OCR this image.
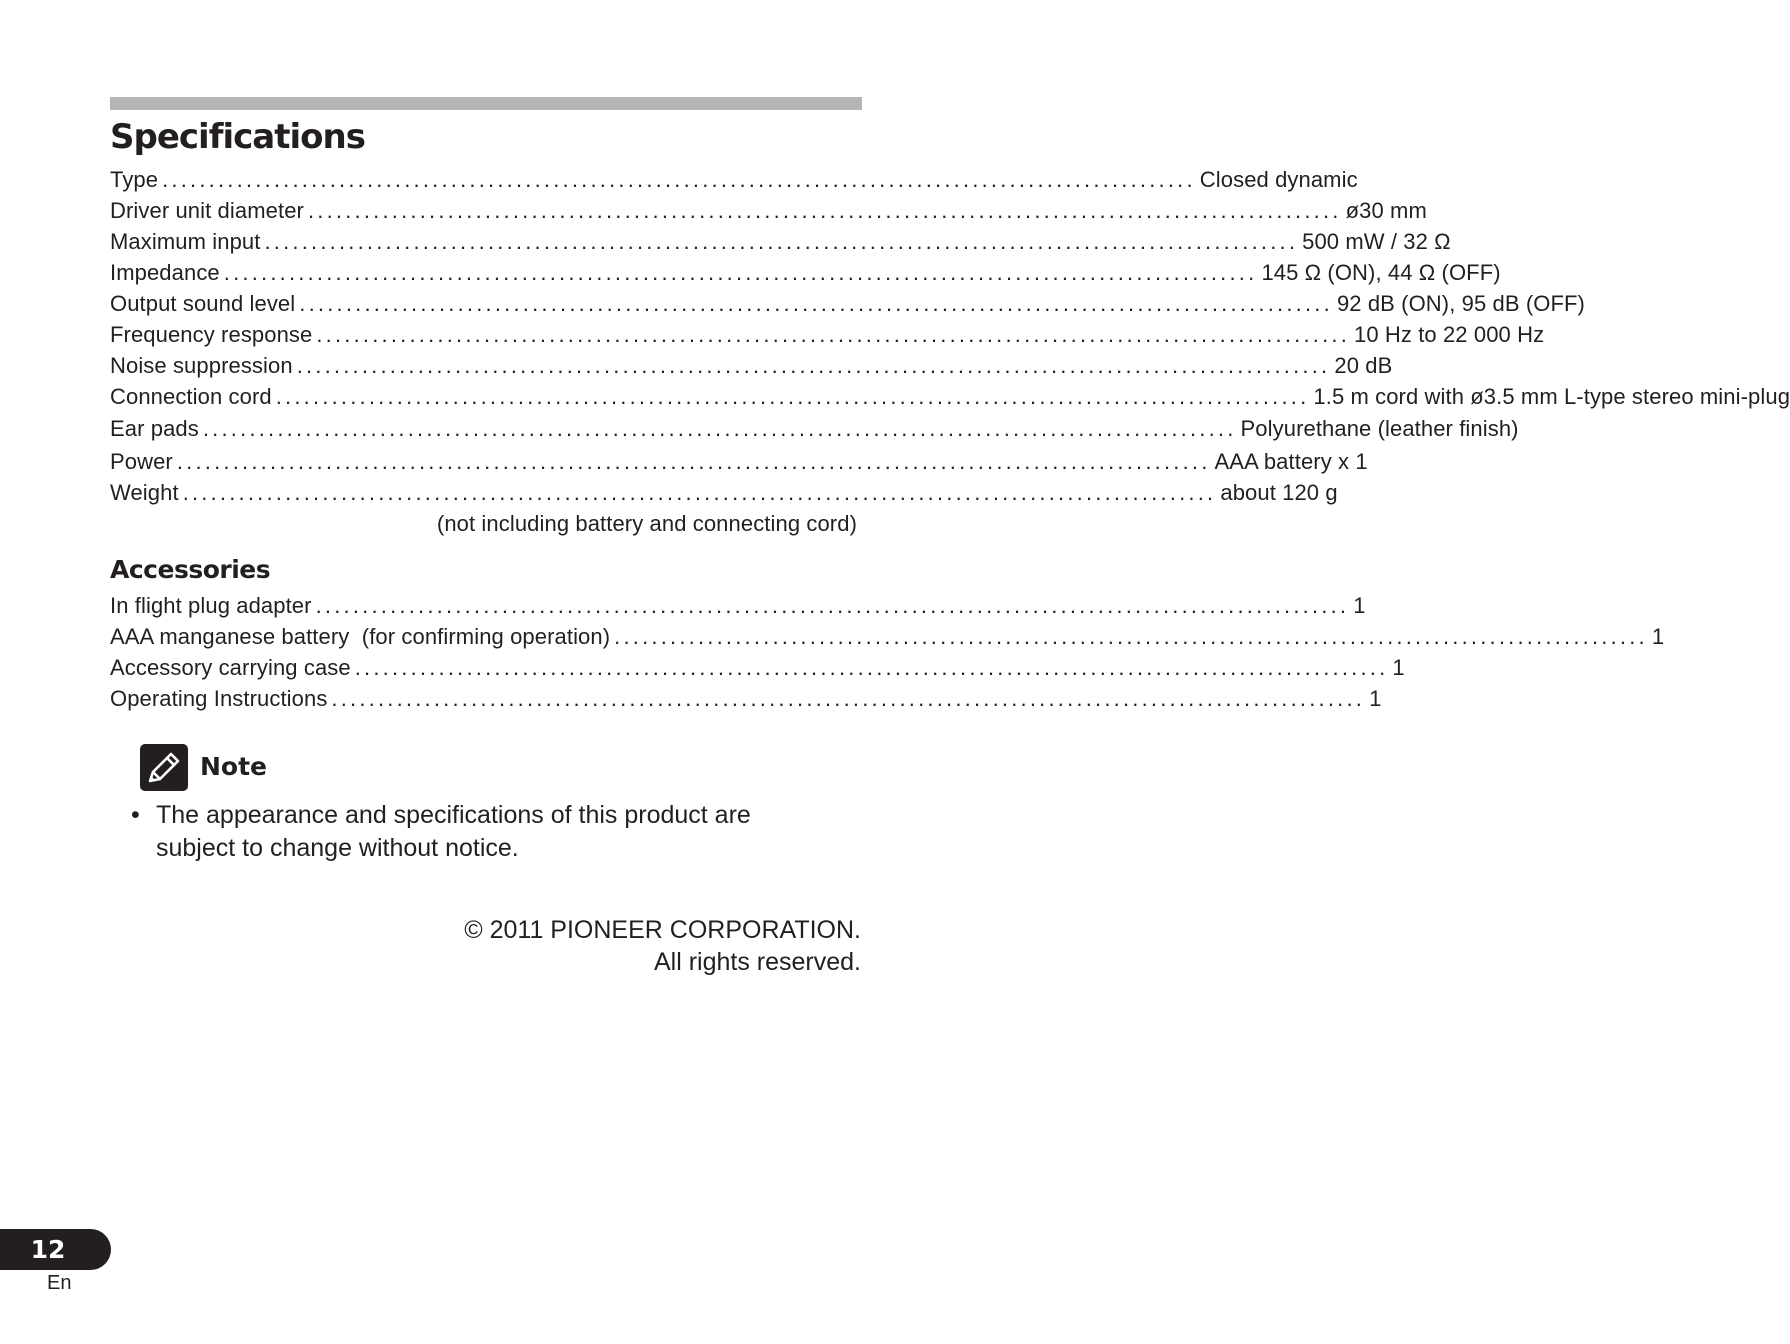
Specifications
Type ............................................................................................................... Closed dynamic
Driver unit diameter ............................................................................................................... ø30 mm
Maximum input ............................................................................................................... 500 mW / 32 Ω
Impedance ............................................................................................................... 145 Ω (ON), 44 Ω (OFF)
Output sound level ............................................................................................................... 92 dB (ON), 95 dB (OFF)
Frequency response ............................................................................................................... 10 Hz to 22 000 Hz
Noise suppression ............................................................................................................... 20 dB
Connection cord ............................................................................................................... 1.5 m cord with ø3.5 mm L-type stereo mini-plug
Ear pads ............................................................................................................... Polyurethane (leather finish)
Power ............................................................................................................... AAA battery x 1
Weight ............................................................................................................... about 120 g
(not including battery and connecting cord)
Accessories
In flight plug adapter ............................................................................................................... 1
AAA manganese battery  (for confirming operation) ............................................................................................................... 1
Accessory carrying case ............................................................................................................... 1
Operating Instructions ............................................................................................................... 1
Note
• The appearance and specifications of this product are subject to change without notice.
© 2011 PIONEER CORPORATION.
All rights reserved.
12
En
